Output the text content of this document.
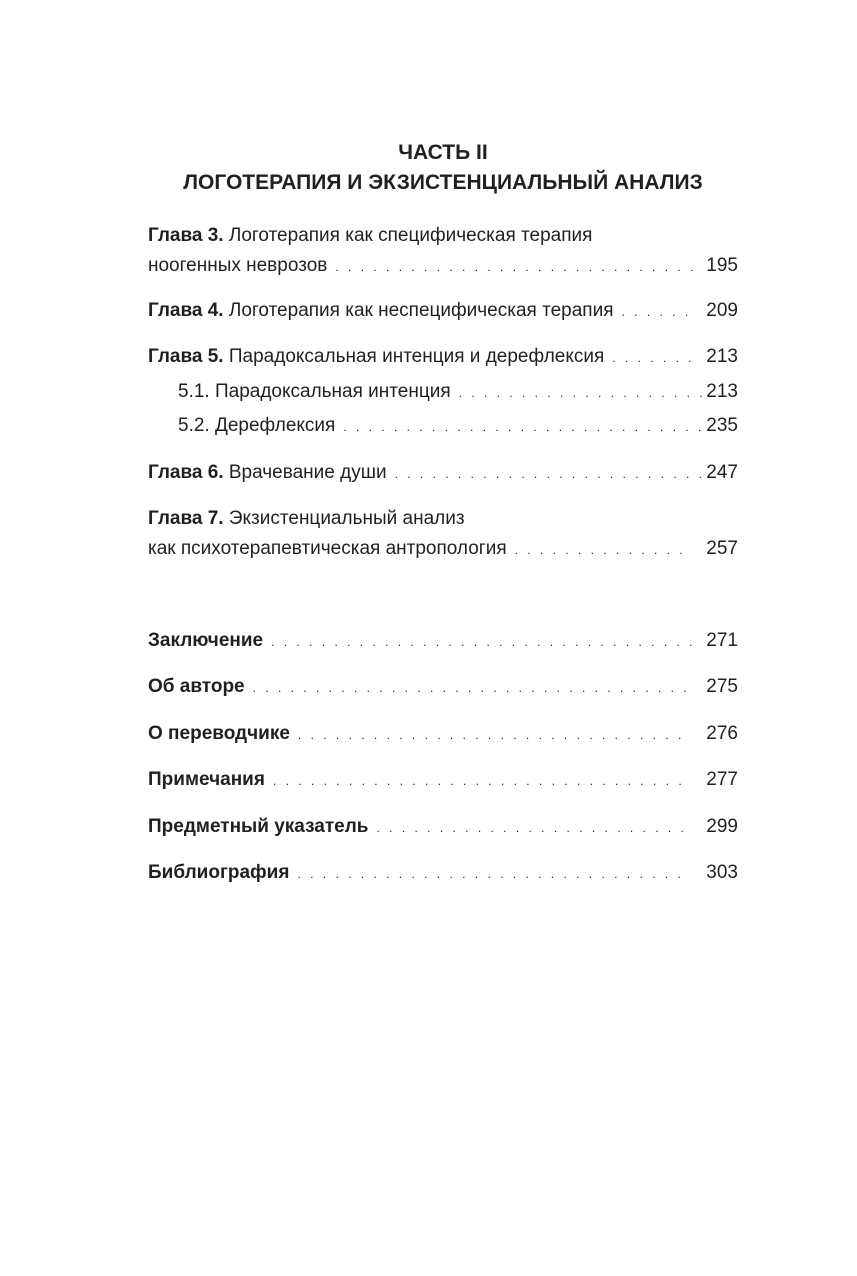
ЧАСТЬ II
ЛОГОТЕРАПИЯ И ЭКЗИСТЕНЦИАЛЬНЫЙ АНАЛИЗ
Глава 3. Логотерапия как специфическая терапия
ноогенных неврозов . . .	195
Глава 4. Логотерапия как неспецифическая терапия . . .	209
Глава 5. Парадоксальная интенция и дерефлексия . . .	213
5.1. Парадоксальная интенция . . .	213
5.2. Дерефлексия . . .	235
Глава 6. Врачевание души . . .	247
Глава 7. Экзистенциальный анализ
как психотерапевтическая антропология . . .	257
Заключение . . .	271
Об авторе . . .	275
О переводчике . . .	276
Примечания . . .	277
Предметный указатель . . .	299
Библиография . . .	303
